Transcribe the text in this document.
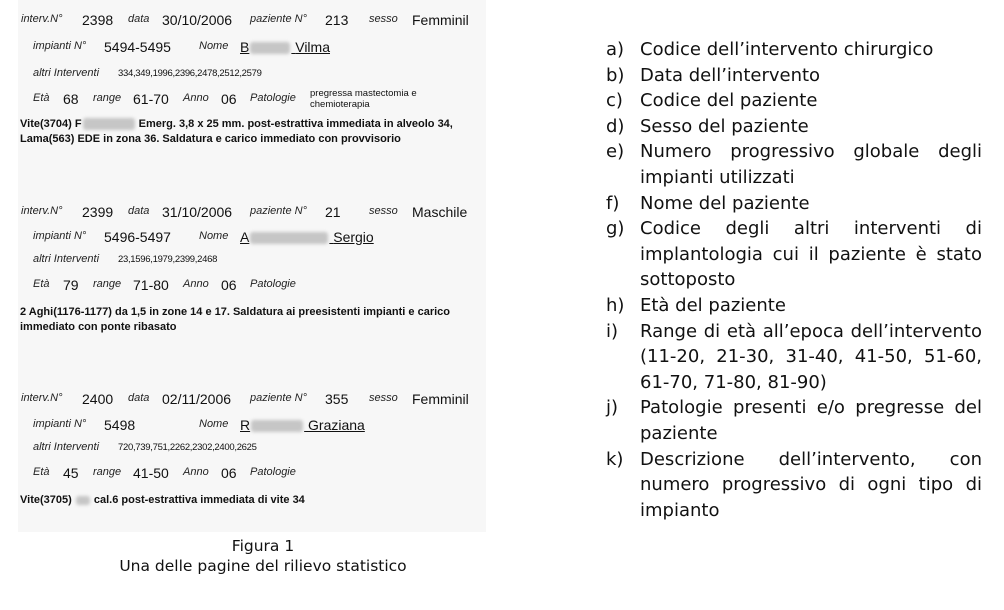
interv.N° 2398 data 30/10/2006 paziente N° 213 sesso Femminil
impianti N° 5494-5495	Nome B	Vilma
altri Interventi 334,349,1996,2396,2478,2512,2579
Età 68 range 61-70 Anno 06 Patologie pregressa mastectomia e chemioterapia
Vite(3704) F	Emerg. 3,8 x 25 mm. post-estrattiva immediata in alveolo 34, Lama(563) EDE in zona 36. Saldatura e carico immediato con provvisorio
interv.N° 2399 data 31/10/2006 paziente N° 21	sesso Maschile
impianti N° 5496-5497	Nome A	Sergio
altri Interventi 23,1596,1979,2399,2468
Età 79 range 71-80 Anno 06 Patologie
2 Aghi(1176-1177) da 1,5 in zone 14 e 17. Saldatura ai preesistenti impianti e carico immediato con ponte ribasato
interv.N° 2400 data 02/11/2006 paziente N° 355 sesso Femminil
impianti N° 5498	Nome R	Graziana
altri Interventi 720,739,751,2262,2302,2400,2625
Età 45 range 41-50 Anno 06 Patologie
Vite(3705)  cal.6 post-estrattiva immediata di vite 34
Figura 1
Una delle pagine del rilievo statistico
a) Codice dell’intervento chirurgico
b) Data dell’intervento
c) Codice del paziente
d) Sesso del paziente
e) Numero progressivo globale degli impianti utilizzati
f)	Nome del paziente
g) Codice degli altri interventi di implantologia cui il paziente è stato sottoposto
h) Età del paziente
i)	Range di età all’epoca dell’intervento (11-20, 21-30, 31-40, 41-50, 51-60, 61-70, 71-80, 81-90)
j)	Patologie presenti e/o pregresse del paziente
k) Descrizione dell’intervento, con numero progressivo di ogni tipo di impianto
